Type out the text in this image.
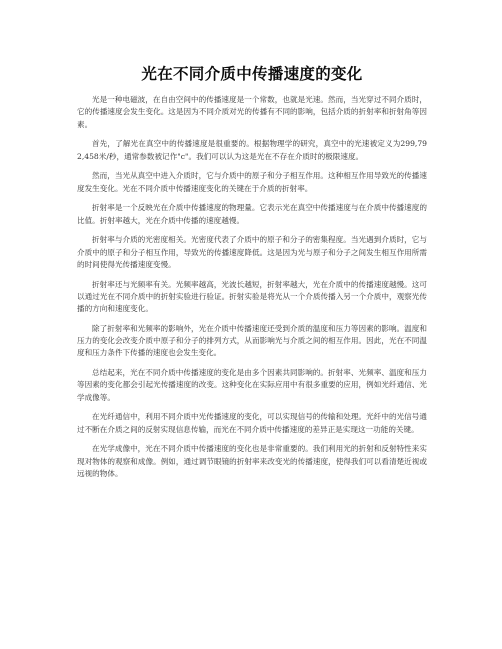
光在不同介质中传播速度的变化

光是一种电磁波，在自由空间中的传播速度是一个常数，也就是光速。然而，当光穿过不同介质时，它的传播速度会发生变化。这是因为不同介质对光的传播有不同的影响，包括介质的折射率和折射角等因素。

首先，了解光在真空中的传播速度是很重要的。根据物理学的研究，真空中的光速被定义为299,792,458米/秒，通常参数被记作"c"。我们可以认为这是光在不存在介质时的极限速度。

然而，当光从真空中进入介质时，它与介质中的原子和分子相互作用。这种相互作用导致光的传播速度发生变化。光在不同介质中传播速度变化的关键在于介质的折射率。

折射率是一个反映光在介质中传播速度的物理量。它表示光在真空中传播速度与在介质中传播速度的比值。折射率越大，光在介质中传播的速度越慢。

折射率与介质的光密度相关。光密度代表了介质中的原子和分子的密集程度。当光遇到介质时，它与介质中的原子和分子相互作用，导致光的传播速度降低。这是因为光与原子和分子之间发生相互作用所需的时间使得光传播速度变慢。

折射率还与光频率有关。光频率越高，光波长越短，折射率越大，光在介质中的传播速度越慢。这可以通过光在不同介质中的折射实验进行验证。折射实验是将光从一个介质传播入另一个介质中，观察光传播的方向和速度变化。

除了折射率和光频率的影响外，光在介质中传播速度还受到介质的温度和压力等因素的影响。温度和压力的变化会改变介质中原子和分子的排列方式，从而影响光与介质之间的相互作用。因此，光在不同温度和压力条件下传播的速度也会发生变化。

总结起来，光在不同介质中传播速度的变化是由多个因素共同影响的。折射率、光频率、温度和压力等因素的变化都会引起光传播速度的改变。这种变化在实际应用中有很多重要的应用，例如光纤通信、光学成像等。

在光纤通信中，利用不同介质中光传播速度的变化，可以实现信号的传输和处理。光纤中的光信号通过不断在介质之间的反射实现信息传输，而光在不同介质中传播速度的差异正是实现这一功能的关键。

在光学成像中，光在不同介质中传播速度的变化也是非常重要的。我们利用光的折射和反射特性来实现对物体的观察和成像。例如，通过调节眼镜的折射率来改变光的传播速度，使得我们可以看清楚近视或远视的物体。
